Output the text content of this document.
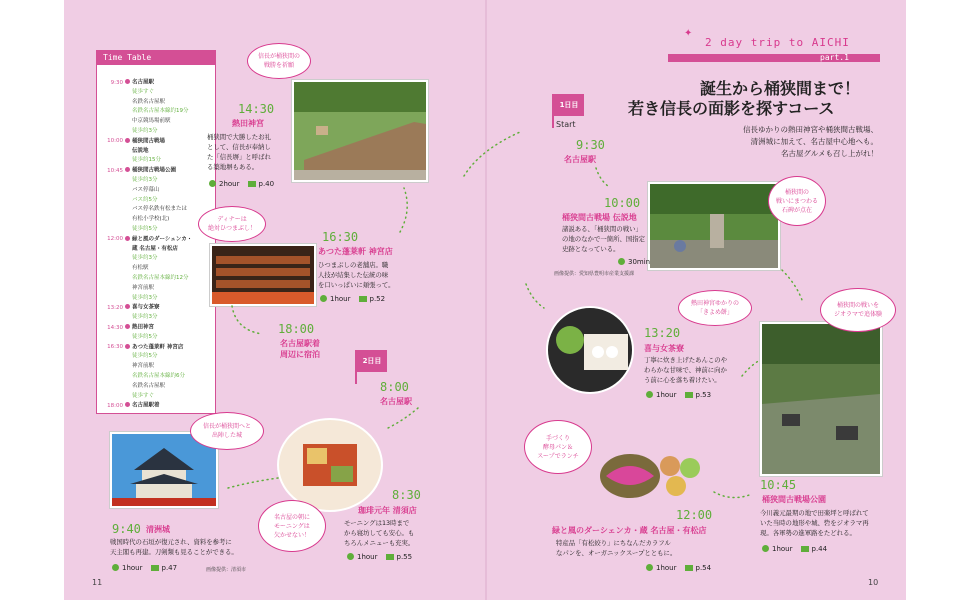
✦
2 day trip to AICHI
part.1
誕生から桶狭間まで！
若き信長の面影を探すコース
信長ゆかりの熱田神宮や桶狭間古戦場、
清洲城に加えて、名古屋中心地へも。
名古屋グルメも召し上がれ！
Time Table
9:30 名古屋駅
徒歩すぐ
名鉄名古屋駅
名鉄名古屋本線約19分
中京競馬場前駅
徒歩約3分
10:00 桶狭間古戦場
伝説地
徒歩約15分
10:45 桶狭間古戦場公園
徒歩約3分
バス停幕山
バス約5分
バス停名鉄有松または
有松小学校(北)
徒歩約5分
12:00 緑と風のダーシェンカ・
蔵 名古屋・有松店
徒歩約3分
有松駅
名鉄名古屋本線約12分
神宮前駅
徒歩約3分
13:20 喜与女茶寮
徒歩約3分
14:30 熱田神宮
徒歩約5分
16:30 あつた蓬莱軒 神宮店
徒歩約5分
神宮前駅
名鉄名古屋本線約6分
名鉄名古屋駅
徒歩すぐ
18:00 名古屋駅着
信長が桶狭間の
戦勝を祈願
14:30
熱田神宮
桶狭間で大勝したお礼
として、信長が奉納し
た「信長塀」と呼ばれ
る築地塀もある。
2hour	p.40
ディナーは
絶対ひつまぶし！
16:30
あつた蓬莱軒 神宮店
ひつまぶしの老舗店。職
人技が結集した伝統の味
を口いっぱいに頬張って。
1hour	p.52
18:00
名古屋駅着
周辺に宿泊
2日目
8:00
名古屋駅
名古屋の朝に
モーニングは
欠かせない！
8:30
珈琲元年 清須店
モーニングは13時まで
から寝坊しても安心。も
ちろんメニューも充実。
1hour	p.55
信長が桶狭間へと
出陣した城
9:40 清洲城
戦国時代の石垣が復元され、資料を参考に
天主閣も再建。刀剣類も見ることができる。
1hour	p.47	画像提供：清須市
1日目
Start
9:30
名古屋駅
桶狭間の
戦いにまつわる
石碑が点在
10:00
桶狭間古戦場 伝説地
諸説ある、「桶狭間の戦い」
の地のなかで一箇所、国指定
史跡となっている。
30min
画像提供：愛知県豊明市産業支援課
熱田神宮ゆかりの
「きよめ餅」
13:20
喜与女茶寮
丁寧に炊き上げたあんこのや
わらかな甘味で、神前に向か
う前に心を落ち着けたい。
1hour	p.53
桶狭間の戦いを
ジオラマで追体験
10:45
桶狭間古戦場公園
今川義元最期の地で田楽坪と呼ばれて
いた当時の地形や城、砦をジオラマ再
現。各軍勢の進軍路をたどれる。
1hour	p.44
手づくり
酵母パン＆
スープでランチ
12:00
緑と風のダーシェンカ・蔵 名古屋・有松店
特産品「有松絞り」にちなんだカラフル
なパンを、オーガニックスープとともに。
1hour	p.54
11	10
